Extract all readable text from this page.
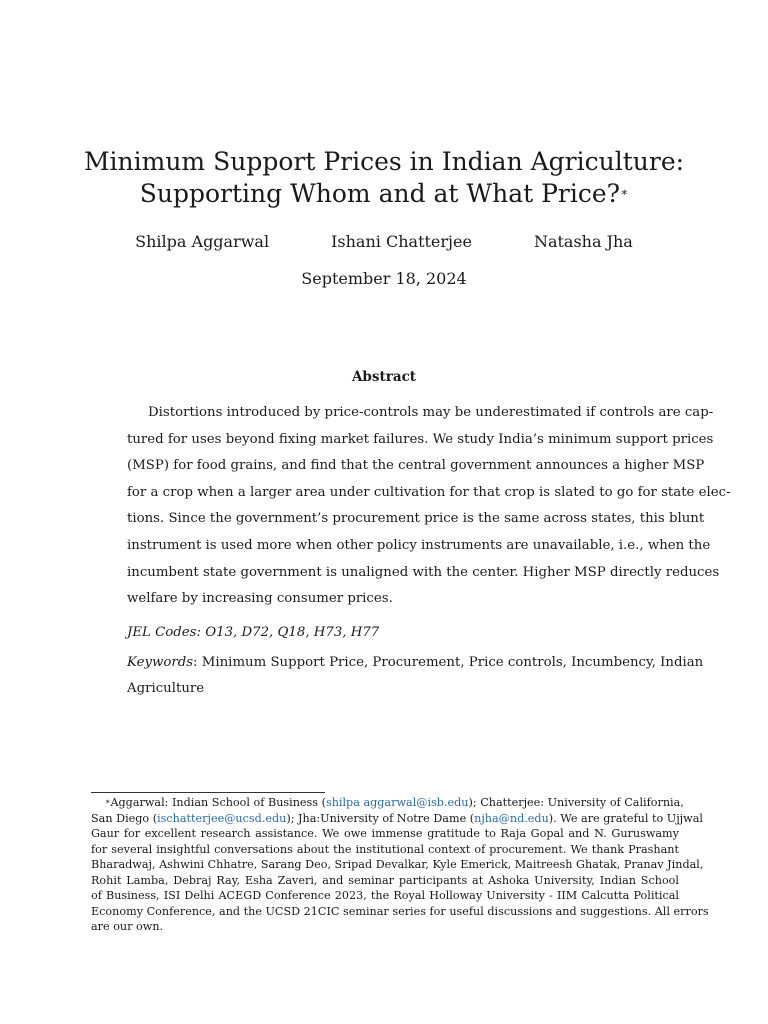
Minimum Support Prices in Indian Agriculture:
Supporting Whom and at What Price?∗
Shilpa Aggarwal	Ishani Chatterjee	Natasha Jha
September 18, 2024
Abstract
Distortions introduced by price-controls may be underestimated if controls are cap-
tured for uses beyond fixing market failures. We study India’s minimum support prices
(MSP) for food grains, and find that the central government announces a higher MSP
for a crop when a larger area under cultivation for that crop is slated to go for state elec-
tions. Since the government’s procurement price is the same across states, this blunt
instrument is used more when other policy instruments are unavailable, i.e., when the
incumbent state government is unaligned with the center. Higher MSP directly reduces
welfare by increasing consumer prices.
JEL Codes: O13, D72, Q18, H73, H77
Keywords: Minimum Support Price, Procurement, Price controls, Incumbency, Indian
Agriculture
∗Aggarwal: Indian School of Business (shilpa aggarwal@isb.edu); Chatterjee: University of California,
San Diego (ischatterjee@ucsd.edu); Jha:University of Notre Dame (njha@nd.edu). We are grateful to Ujjwal
Gaur for excellent research assistance. We owe immense gratitude to Raja Gopal and N. Guruswamy
for several insightful conversations about the institutional context of procurement. We thank Prashant
Bharadwaj, Ashwini Chhatre, Sarang Deo, Sripad Devalkar, Kyle Emerick, Maitreesh Ghatak, Pranav Jindal,
Rohit Lamba, Debraj Ray, Esha Zaveri, and seminar participants at Ashoka University, Indian School
of Business, ISI Delhi ACEGD Conference 2023, the Royal Holloway University - IIM Calcutta Political
Economy Conference, and the UCSD 21CIC seminar series for useful discussions and suggestions. All errors
are our own.
